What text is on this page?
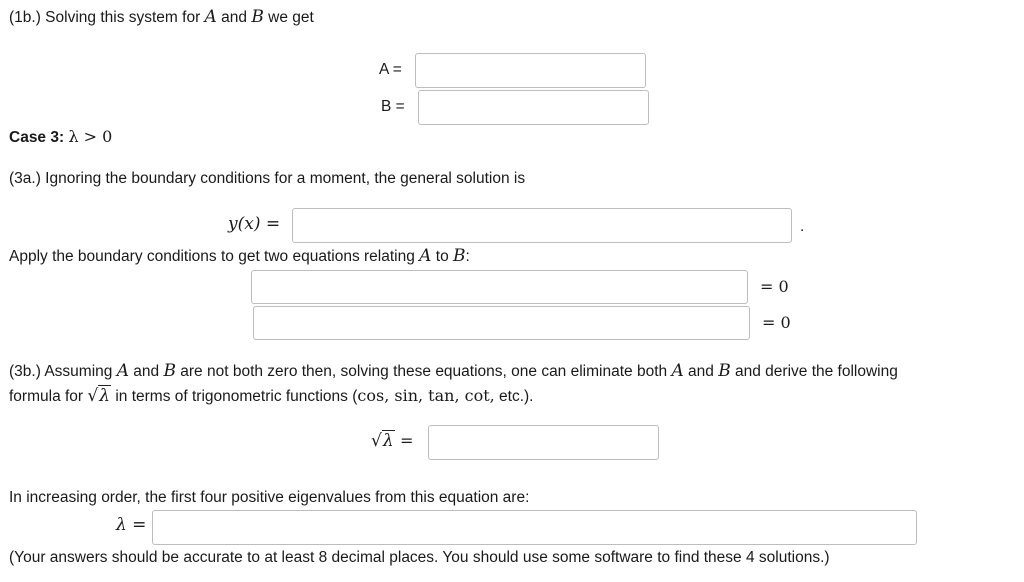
(1b.) Solving this system for A and B we get
A =
B =
Case 3: λ > 0
(3a.) Ignoring the boundary conditions for a moment, the general solution is
y(x) =	.
Apply the boundary conditions to get two equations relating A to B:
= 0
= 0
(3b.) Assuming A and B are not both zero then, solving these equations, one can eliminate both A and B and derive the following
formula for √λ in terms of trigonometric functions (cos, sin, tan, cot, etc.).
√λ =
In increasing order, the first four positive eigenvalues from this equation are:
λ =
(Your answers should be accurate to at least 8 decimal places. You should use some software to find these 4 solutions.)
